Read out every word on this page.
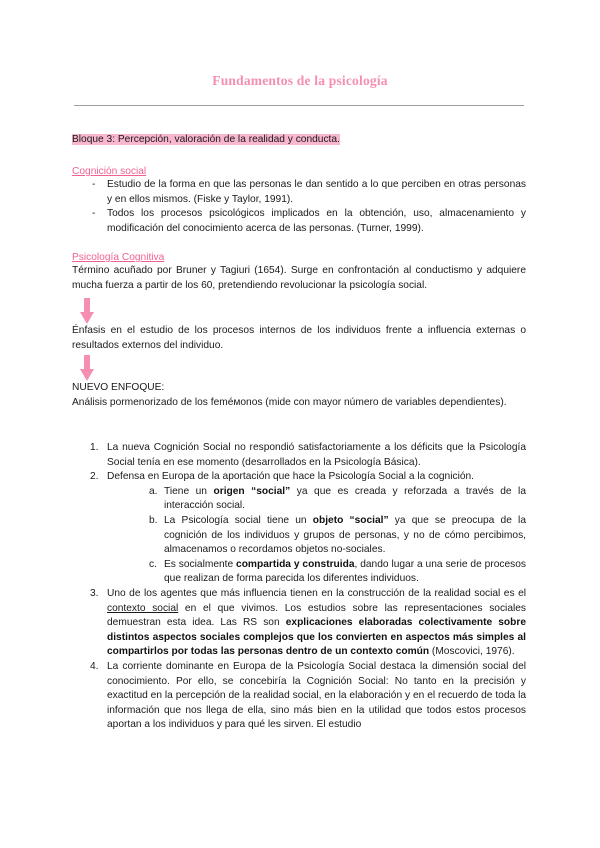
Fundamentos de la psicología
Bloque 3: Percepción, valoración de la realidad y conducta.
Cognición social
- Estudio de la forma en que las personas le dan sentido a lo que perciben en otras personas y en ellos mismos. (Fiske y Taylor, 1991).
- Todos los procesos psicológicos implicados en la obtención, uso, almacenamiento y modificación del conocimiento acerca de las personas. (Turner, 1999).
Psicología Cognitiva
Término acuñado por Bruner y Tagiuri (1654). Surge en confrontación al conductismo y adquiere mucha fuerza a partir de los 60, pretendiendo revolucionar la psicología social.
Énfasis en el estudio de los procesos internos de los individuos frente a influencia externas o resultados externos del individuo.
NUEVO ENFOQUE:
Análisis pormenorizado de los feméмonos (mide con mayor número de variables dependientes).
1. La nueva Cognición Social no respondió satisfactoriamente a los déficits que la Psicología Social tenía en ese momento (desarrollados en la Psicología Básica).
2. Defensa en Europa de la aportación que hace la Psicología Social a la cognición.
a. Tiene un origen “social” ya que es creada y reforzada a través de la interacción social.
b. La Psicología social tiene un objeto “social” ya que se preocupa de la cognición de los individuos y grupos de personas, y no de cómo percibimos, almacenamos o recordamos objetos no-sociales.
c. Es socialmente compartida y construida, dando lugar a una serie de procesos que realizan de forma parecida los diferentes individuos.
3. Uno de los agentes que más influencia tienen en la construcción de la realidad social es el contexto social en el que vivimos. Los estudios sobre las representaciones sociales demuestran esta idea. Las RS son explicaciones elaboradas colectivamente sobre distintos aspectos sociales complejos que los convierten en aspectos más simples al compartirlos por todas las personas dentro de un contexto común (Moscovici, 1976).
4. La corriente dominante en Europa de la Psicología Social destaca la dimensión social del conocimiento. Por ello, se concebiría la Cognición Social: No tanto en la precisión y exactitud en la percepción de la realidad social, en la elaboración y en el recuerdo de toda la información que nos llega de ella, sino más bien en la utilidad que todos estos procesos aportan a los individuos y para qué les sirven. El estudio
